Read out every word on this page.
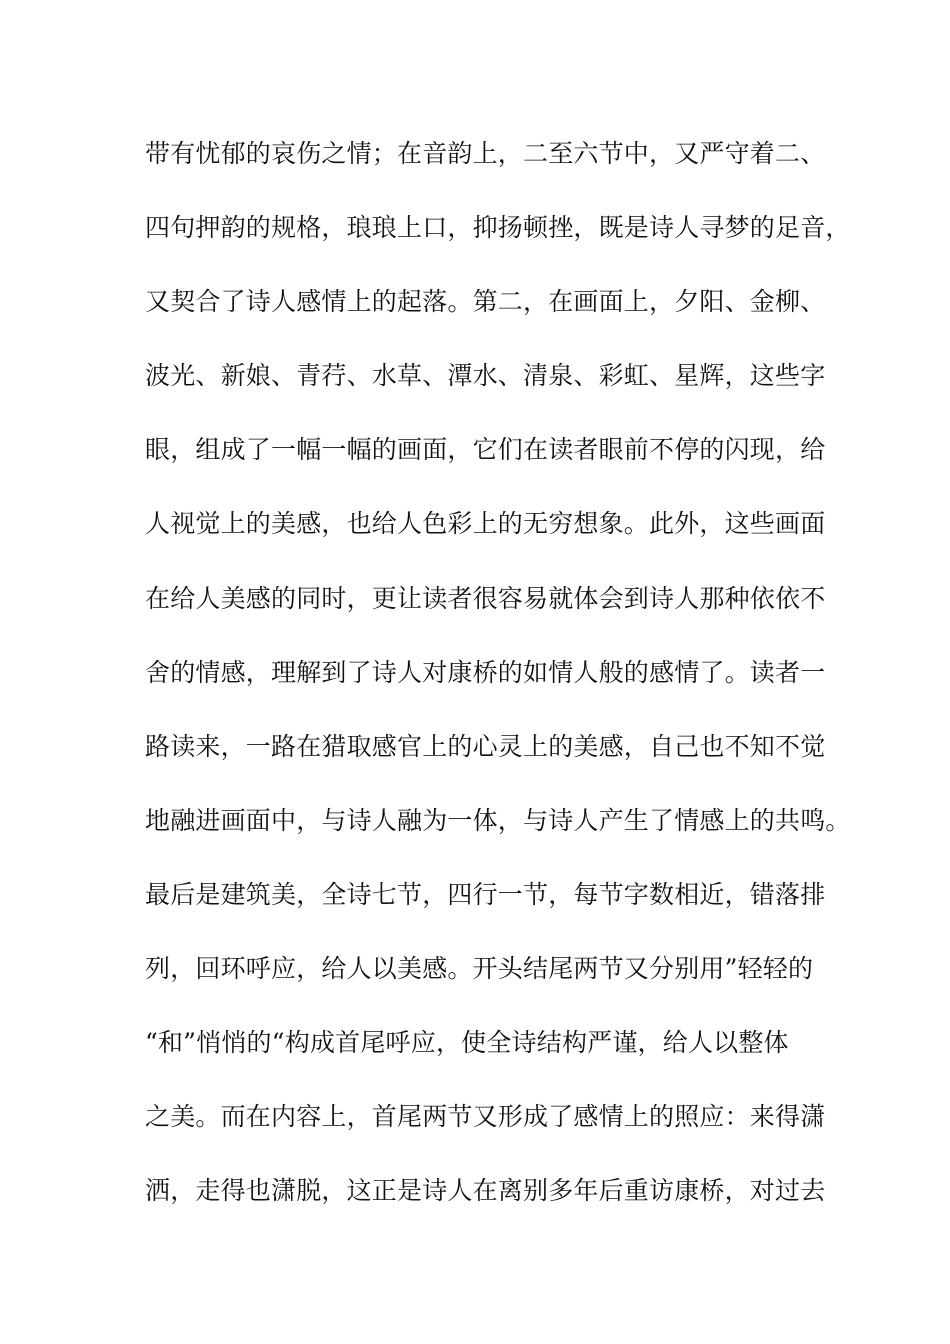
带有忧郁的哀伤之情；在音韵上，二至六节中，又严守着二、
四句押韵的规格，琅琅上口，抑扬顿挫，既是诗人寻梦的足音，
又契合了诗人感情上的起落。第二，在画面上，夕阳、金柳、
波光、新娘、青荇、水草、潭水、清泉、彩虹、星辉，这些字
眼，组成了一幅一幅的画面，它们在读者眼前不停的闪现，给
人视觉上的美感，也给人色彩上的无穷想象。此外，这些画面
在给人美感的同时，更让读者很容易就体会到诗人那种依依不
舍的情感，理解到了诗人对康桥的如情人般的感情了。读者一
路读来，一路在猎取感官上的心灵上的美感，自己也不知不觉
地融进画面中，与诗人融为一体，与诗人产生了情感上的共鸣。
最后是建筑美，全诗七节，四行一节，每节字数相近，错落排
列，回环呼应，给人以美感。开头结尾两节又分别用”轻轻的
“和”悄悄的“构成首尾呼应，使全诗结构严谨，给人以整体
之美。而在内容上，首尾两节又形成了感情上的照应：来得潇
洒，走得也潇脱，这正是诗人在离别多年后重访康桥，对过去
